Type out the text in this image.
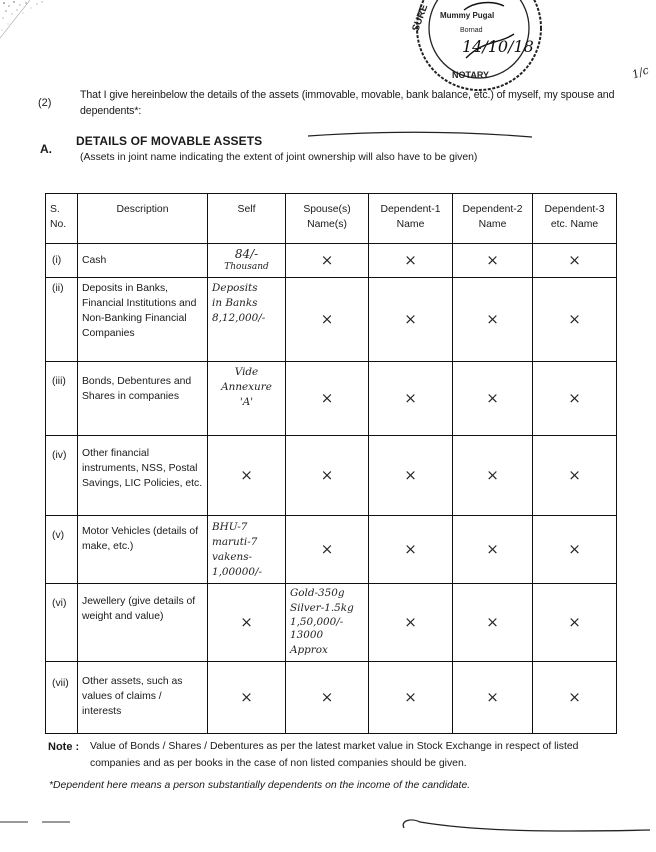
SURE
NOTARY
Mummy Pugal
Bornad
14/10/18
1/c
(2)
That I give hereinbelow the details of the assets (immovable, movable, bank balance, etc.) of myself, my spouse and dependents*:
A.
DETAILS OF MOVABLE ASSETS
(Assets in joint name indicating the extent of joint ownership will also have to be given)
S. No.	Description	Self	Spouse(s) Name(s)	Dependent-1 Name	Dependent-2 Name	Dependent-3 etc. Name
(i)	Cash	84/-
Thousand	×	×	×	×
(ii)	Deposits in Banks, Financial Institutions and Non-Banking Financial Companies	Deposits
in Banks
8,12,000/-	×	×	×	×
(iii)	Bonds, Debentures and Shares in companies	Vide
Annexure
'A'	×	×	×	×
(iv)	Other financial instruments, NSS, Postal Savings, LIC Policies, etc.	×	×	×	×	×
(v)	Motor Vehicles (details of make, etc.)	BHU-7
maruti-7
vakens-
1,00000/-	×	×	×	×
(vi)	Jewellery (give details of weight and value)	×	Gold-350g
Silver-1.5kg
1,50,000/-
13000 Approx	×	×	×
(vii)	Other assets, such as values of claims / interests	×	×	×	×	×
Note : Value of Bonds / Shares / Debentures as per the latest market value in Stock Exchange in respect of listed companies and as per books in the case of non listed companies should be given.
*Dependent here means a person substantially dependents on the income of the candidate.
